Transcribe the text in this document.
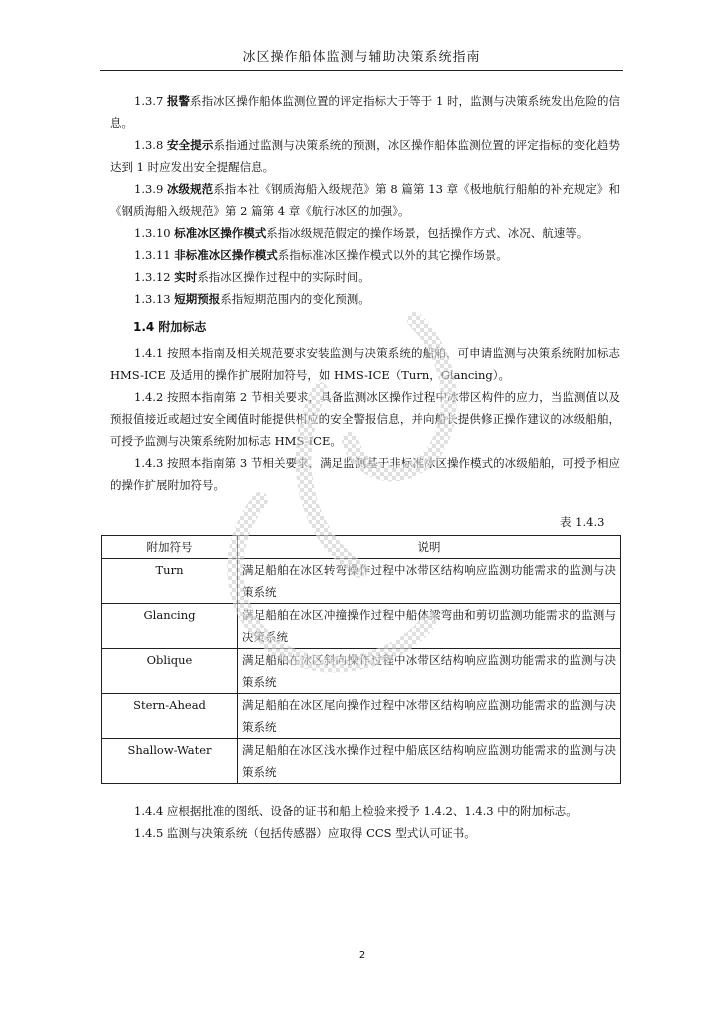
冰区操作船体监测与辅助决策系统指南
1.3.7 报警系指冰区操作船体监测位置的评定指标大于等于 1 时，监测与决策系统发出危险的信息。
1.3.8 安全提示系指通过监测与决策系统的预测，冰区操作船体监测位置的评定指标的变化趋势达到 1 时应发出安全提醒信息。
1.3.9 冰级规范系指本社《钢质海船入级规范》第 8 篇第 13 章《极地航行船舶的补充规定》和《钢质海船入级规范》第 2 篇第 4 章《航行冰区的加强》。
1.3.10 标准冰区操作模式系指冰级规范假定的操作场景，包括操作方式、冰况、航速等。
1.3.11 非标准冰区操作模式系指标准冰区操作模式以外的其它操作场景。
1.3.12 实时系指冰区操作过程中的实际时间。
1.3.13 短期预报系指短期范围内的变化预测。
1.4 附加标志
1.4.1 按照本指南及相关规范要求安装监测与决策系统的船舶，可申请监测与决策系统附加标志 HMS-ICE 及适用的操作扩展附加符号，如 HMS-ICE（Turn，Glancing）。
1.4.2 按照本指南第 2 节相关要求，具备监测冰区操作过程中冰带区构件的应力，当监测值以及预报值接近或超过安全阈值时能提供相应的安全警报信息，并向船长提供修正操作建议的冰级船舶，可授予监测与决策系统附加标志 HMS-ICE。
1.4.3 按照本指南第 3 节相关要求，满足监测基于非标准冰区操作模式的冰级船舶，可授予相应的操作扩展附加符号。
表 1.4.3
附加符号	说明
Turn	满足船舶在冰区转弯操作过程中冰带区结构响应监测功能需求的监测与决策系统
Glancing	满足船舶在冰区冲撞操作过程中船体梁弯曲和剪切监测功能需求的监测与决策系统
Oblique	满足船舶在冰区斜向操作过程中冰带区结构响应监测功能需求的监测与决策系统
Stern-Ahead	满足船舶在冰区尾向操作过程中冰带区结构响应监测功能需求的监测与决策系统
Shallow-Water	满足船舶在冰区浅水操作过程中船底区结构响应监测功能需求的监测与决策系统
1.4.4 应根据批准的图纸、设备的证书和船上检验来授予 1.4.2、1.4.3 中的附加标志。
1.4.5 监测与决策系统（包括传感器）应取得 CCS 型式认可证书。
2
